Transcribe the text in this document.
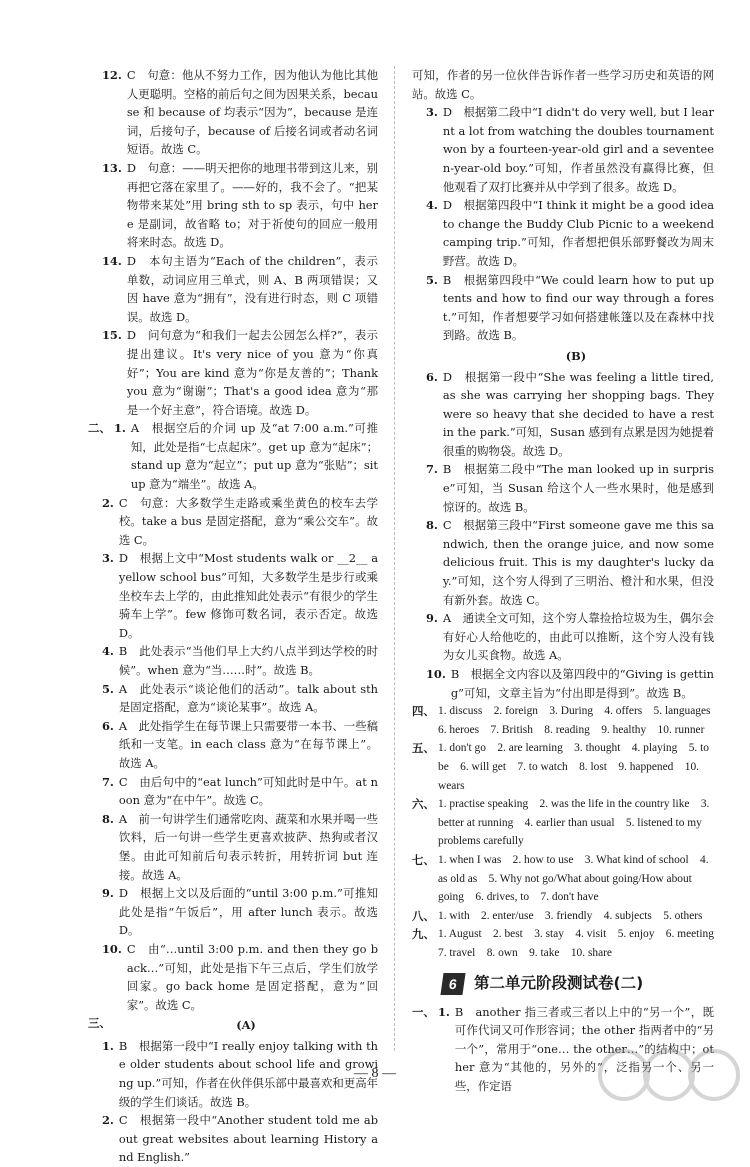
12. C　句意：他从不努力工作，因为他认为他比其他人更聪明。空格的前后句之间为因果关系，because 和 because of 均表示“因为”，because 是连词，后接句子，because of 后接名词或者动名词短语。故选 C。
13. D　句意：——明天把你的地理书带到这儿来，别再把它落在家里了。——好的，我不会了。“把某物带来某处”用 bring sth to sp 表示，句中 here 是副词，故省略 to；对于祈使句的回应一般用将来时态。故选 D。
14. D　本句主语为“Each of the children”，表示单数，动词应用三单式，则 A、B 两项错误；又因 have 意为“拥有”，没有进行时态，则 C 项错误。故选 D。
15. D　问句意为“和我们一起去公园怎么样?”，表示提出建议。It's very nice of you 意为“你真好”；You are kind 意为“你是友善的”；Thank you 意为“谢谢”；That's a good idea 意为“那是一个好主意”，符合语境。故选 D。
二、 1. A　根据空后的介词 up 及“at 7:00 a.m.”可推知，此处是指“七点起床”。get up 意为“起床”；stand up 意为“起立”；put up 意为“张贴”；sit up 意为“端坐”。故选 A。
2. C　句意：大多数学生走路或乘坐黄色的校车去学校。take a bus 是固定搭配，意为“乘公交车”。故选 C。
3. D　根据上文中“Most students walk or __2__ a yellow school bus”可知，大多数学生是步行或乘坐校车去上学的，由此推知此处表示“有很少的学生骑车上学”。few 修饰可数名词，表示否定。故选 D。
4. B　此处表示“当他们早上大约八点半到达学校的时候”。when 意为“当……时”。故选 B。
5. A　此处表示“谈论他们的活动”。talk about sth 是固定搭配，意为“谈论某事”。故选 A。
6. A　此处指学生在每节课上只需要带一本书、一些稿纸和一支笔。in each class 意为“在每节课上”。故选 A。
7. C　由后句中的“eat lunch”可知此时是中午。at noon 意为“在中午”。故选 C。
8. A　前一句讲学生们通常吃肉、蔬菜和水果并喝一些饮料，后一句讲一些学生更喜欢披萨、热狗或者汉堡。由此可知前后句表示转折，用转折词 but 连接。故选 A。
9. D　根据上文以及后面的“until 3:00 p.m.”可推知此处是指“午饭后”，用 after lunch 表示。故选 D。
10. C　由“…until 3:00 p.m. and then they go back…”可知，此处是指下午三点后，学生们放学回家。go back home 是固定搭配，意为“回家”。故选 C。
三、	(A)
1. B　根据第一段中“I really enjoy talking with the older students about school life and growing up.”可知，作者在伙伴俱乐部中最喜欢和更高年级的学生们谈话。故选 B。
2. C　根据第一段中“Another student told me about great websites about learning History and English.”
可知，作者的另一位伙伴告诉作者一些学习历史和英语的网站。故选 C。
3. D　根据第二段中“I didn't do very well, but I learnt a lot from watching the doubles tournament won by a fourteen-year-old girl and a seventeen-year-old boy.”可知，作者虽然没有赢得比赛，但他观看了双打比赛并从中学到了很多。故选 D。
4. D　根据第四段中“I think it might be a good idea to change the Buddy Club Picnic to a weekend camping trip.”可知，作者想把俱乐部野餐改为周末野营。故选 D。
5. B　根据第四段中“We could learn how to put up tents and how to find our way through a forest.”可知，作者想要学习如何搭建帐篷以及在森林中找到路。故选 B。
(B)
6. D　根据第一段中“She was feeling a little tired, as she was carrying her shopping bags. They were so heavy that she decided to have a rest in the park.”可知，Susan 感到有点累是因为她提着很重的购物袋。故选 D。
7. B　根据第二段中“The man looked up in surprise”可知，当 Susan 给这个人一些水果时，他是感到惊讶的。故选 B。
8. C　根据第三段中“First someone gave me this sandwich, then the orange juice, and now some delicious fruit. This is my daughter's lucky day.”可知，这个穷人得到了三明治、橙汁和水果，但没有新外套。故选 C。
9. A　通读全文可知，这个穷人靠捡拾垃圾为生，偶尔会有好心人给他吃的，由此可以推断，这个穷人没有钱为女儿买食物。故选 A。
10. B　根据全文内容以及第四段中的“Giving is getting”可知，文章主旨为“付出即是得到”。故选 B。
四、 1. discuss　2. foreign　3. During　4. offers　5. languages　6. heroes　7. British　8. reading　9. healthy　10. runner
五、 1. don't go　2. are learning　3. thought　4. playing　5. to be　6. will get　7. to watch　8. lost　9. happened　10. wears
六、 1. practise speaking　2. was the life in the country like　3. better at running　4. earlier than usual　5. listened to my problems carefully
七、 1. when I was　2. how to use　3. What kind of school　4. as old as　5. Why not go/What about going/How about going　6. drives, to　7. don't have
八、 1. with　2. enter/use　3. friendly　4. subjects　5. others
九、 1. August　2. best　3. stay　4. visit　5. enjoy　6. meeting　7. travel　8. own　9. take　10. share
6	第二单元阶段测试卷(二)
一、 1. B　another 指三者或三者以上中的“另一个”，既可作代词又可作形容词；the other 指两者中的“另一个”，常用于“one… the other…”的结构中；other 意为“其他的，另外的”，泛指另一个、另一些，作定语
— 8 —
